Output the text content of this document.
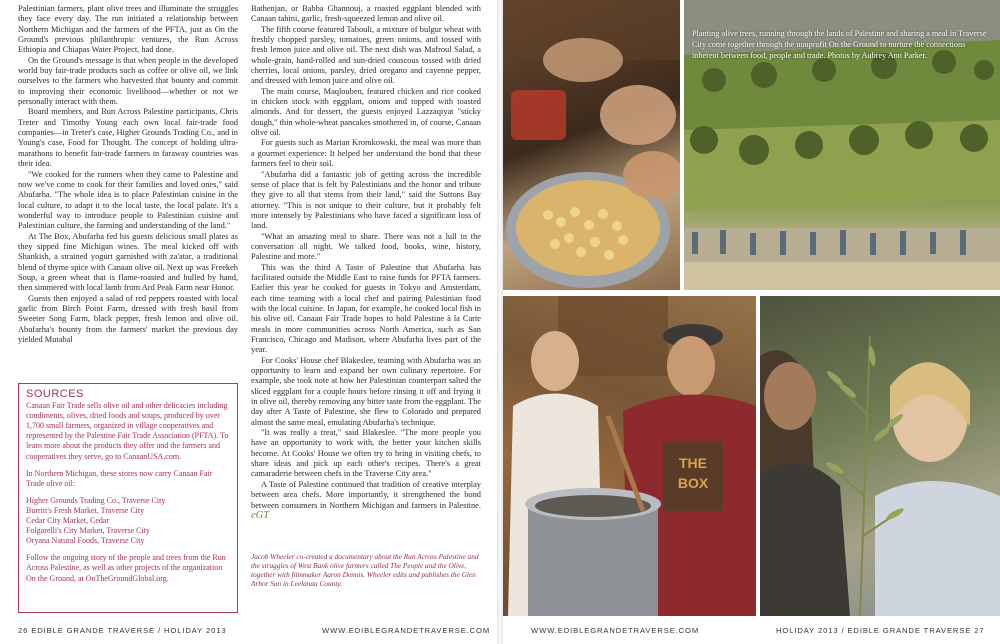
Palestinian farmers, plant olive trees and illuminate the struggles they face every day. The run initiated a relationship between Northern Michigan and the farmers of the PFTA, just as On the Ground's previous philanthropic ventures, the Run Across Ethiopia and Chiapas Water Project, had done.

On the Ground's message is that when people in the developed world buy fair-trade products such as coffee or olive oil, we link ourselves to the farmers who harvested that bounty and commit to improving their economic livelihood—whether or not we personally interact with them.

Board members, and Run Across Palestine participants, Chris Treter and Timothy Young each own local fair-trade food companies—in Treter's case, Higher Grounds Trading Co., and in Young's case, Food for Thought. The concept of holding ultra-marathons to benefit fair-trade farmers in faraway countries was their idea.

"We cooked for the runners when they came to Palestine and now we've come to cook for their families and loved ones," said Abufarha. "The whole idea is to place Palestinian cuisine in the local culture, to adapt it to the local taste, the local palate. It's a wonderful way to introduce people to Palestinian cuisine and Palestinian culture, the farming and understanding of the land."

At The Box, Abufarha fed his guests delicious small plates as they sipped fine Michigan wines. The meal kicked off with Shankish, a strained yogurt garnished with za'atar, a traditional blend of thyme spice with Canaan olive oil. Next up was Freekeh Soup, a green wheat that is flame-roasted and hulled by hand, then simmered with local lamb from Ard Peak Farm near Honor.

Guests then enjoyed a salad of red peppers roasted with local garlic from Birch Point Farm, dressed with fresh basil from Sweeter Song Farm, black pepper, fresh lemon and olive oil. Abufarha's bounty from the farmers' market the previous day yielded Mutabal

Bathenjan, or Babba Ghannouj, a roasted eggplant blended with Canaan tahini, garlic, fresh-squeezed lemon and olive oil.

The fifth course featured Tabouli, a mixture of bulgur wheat with freshly chopped parsley, tomatoes, green onions, and tossed with fresh lemon juice and olive oil. The next dish was Mafroul Salad, a whole-grain, hand-rolled and sun-dried couscous tossed with dried cherries, local onions, parsley, dried oregano and cayenne pepper, and dressed with lemon juice and olive oil.

The main course, Maqlouben, featured chicken and rice cooked in chicken stock with eggplant, onions and topped with toasted almonds. And for dessert, the guests enjoyed Lazzaqiyat "sticky dough," thin whole-wheat pancakes smothered in, of course, Canaan olive oil.

For guests such as Marian Kromkowski, the meal was more than a gourmet experience: It helped her understand the bond that these farmers feel to their soil.

"Abufarha did a fantastic job of getting across the incredible sense of place that is felt by Palestinians and the honor and tribute they give to all that stems from their land," said the Suttons Bay attorney. "This is not unique to their culture, but it probably felt more intensely by Palestinians who have faced a significant loss of land.

"What an amazing meal to share. There was not a lull in the conversation all night. We talked food, books, wine, history, Palestine and more."

This was the third A Taste of Palestine that Abufarha has facilitated outside the Middle East to raise funds for PFTA farmers. Earlier this year he cooked for guests in Tokyo and Amsterdam, each time teaming with a local chef and pairing Palestinian food with the local cuisine. In Japan, for example, he cooked local fish in his olive oil. Canaan Fair Trade hopes to hold Palestine à la Carte meals in more communities across North America, such as San Francisco, Chicago and Madison, where Abufarha lives part of the year.

For Cooks' House chef Blakeslee, teaming with Abufarha was an opportunity to learn and expand her own culinary repertoire. For example, she took note at how her Palestinian counterpart salted the sliced eggplant for a couple hours before rinsing it off and frying it in olive oil, thereby removing any bitter taste from the eggplant. The day after A Taste of Palestine, she flew to Colorado and prepared almost the same meal, emulating Abufarha's technique.

"It was really a treat," said Blakeslee. "The more people you have an opportunity to work with, the better your kitchen skills become. At Cooks' House we often try to bring in visiting chefs, to share ideas and pick up each other's recipes. There's a great camaraderie between chefs in the Traverse City area."

A Taste of Palestine continued that tradition of creative interplay between area chefs. More importantly, it strengthened the bond between consumers in Northern Michigan and farmers in Palestine. eGT

Jacob Wheeler co-created a documentary about the Run Across Palestine and the struggles of West Bank olive farmers called The People and the Olive, together with filmmaker Aaron Dennis. Wheeler edits and publishes the Glen Arbor Sun in Leelanau County.
SOURCES

Canaan Fair Trade sells olive oil and other delicacies including condiments, olives, dried foods and soups, produced by over 1,700 small farmers, organized in village cooperatives and represented by the Palestine Fair Trade Association (PFTA). To learn more about the products they offer and the farmers and cooperatives they serve, go to CanaanUSA.com.

In Northern Michigan, these stores now carry Canaan Fair Trade olive oil:

Higher Grounds Trading Co., Traverse City
Burritt's Fresh Market, Traverse City
Cedar City Market, Cedar
Folgarelli's City Market, Traverse City
Oryana Natural Foods, Traverse City

Follow the ongoing story of the people and trees from the Run Across Palestine, as well as other projects of the organization On the Ground, at OnTheGroundGlobal.org.

26 EDIBLE GRANDE TRAVERSE / HOLIDAY 2013	WWW.EDIBLEGRANDETRAVERSE.COM
Planting olive trees, running through the lands of Palestine and sharing a meal in Traverse City come together through the nonprofit On the Ground to nurture the connections inherent between food, people and trade. Photos by Aubrey Ann Parker.
THE
BOX
WWW.EDIBLEGRANDETRAVERSE.COM	HOLIDAY 2013 / EDIBLE GRANDE TRAVERSE 27
